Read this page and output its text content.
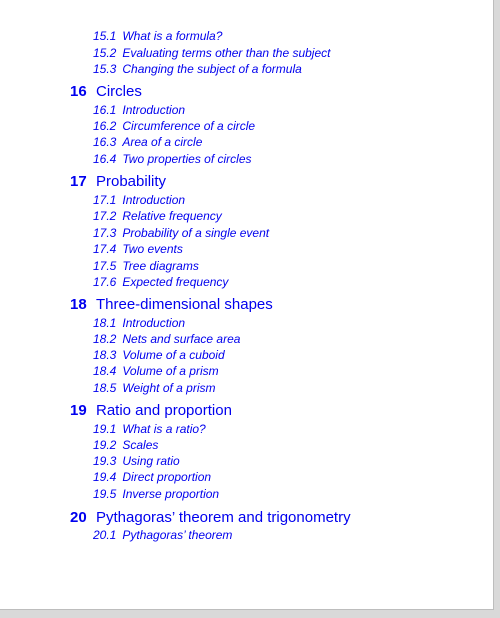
15.1 What is a formula?
15.2 Evaluating terms other than the subject
15.3 Changing the subject of a formula
16 Circles
16.1 Introduction
16.2 Circumference of a circle
16.3 Area of a circle
16.4 Two properties of circles
17 Probability
17.1 Introduction
17.2 Relative frequency
17.3 Probability of a single event
17.4 Two events
17.5 Tree diagrams
17.6 Expected frequency
18 Three-dimensional shapes
18.1 Introduction
18.2 Nets and surface area
18.3 Volume of a cuboid
18.4 Volume of a prism
18.5 Weight of a prism
19 Ratio and proportion
19.1 What is a ratio?
19.2 Scales
19.3 Using ratio
19.4 Direct proportion
19.5 Inverse proportion
20 Pythagoras’ theorem and trigonometry
20.1 Pythagoras’ theorem
